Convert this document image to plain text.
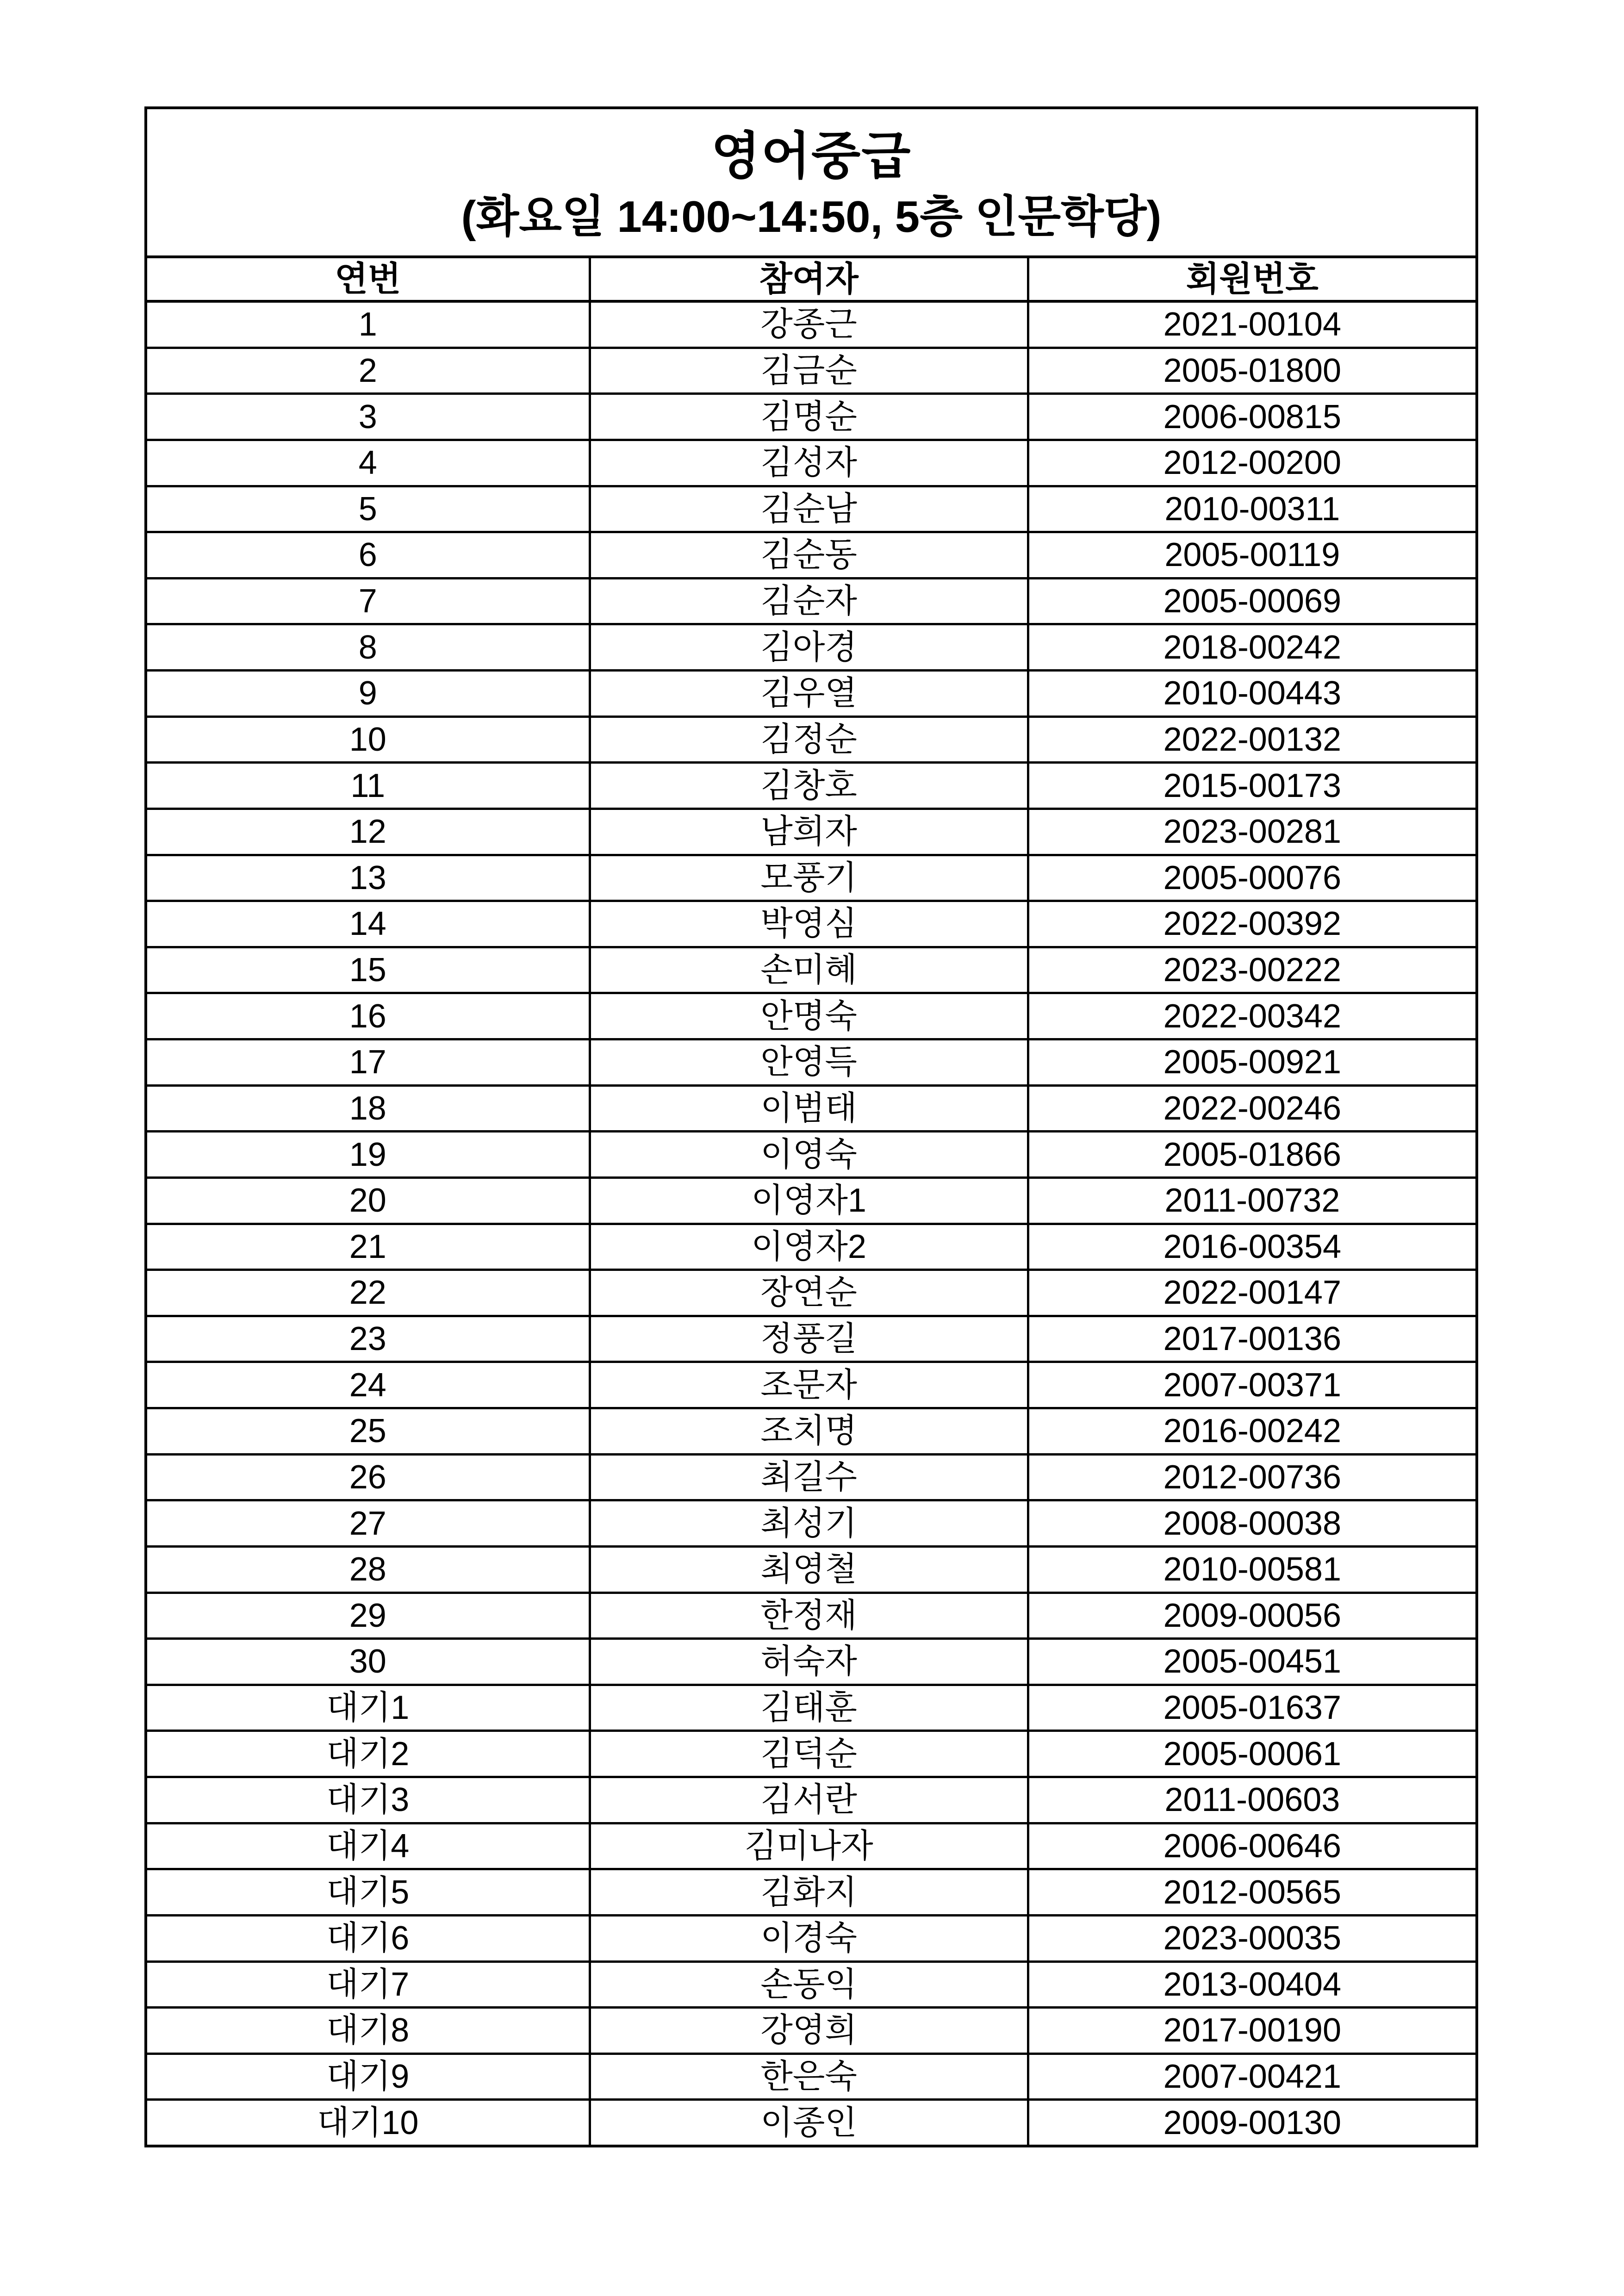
영어중급
(화요일 14:00~14:50, 5층 인문학당)
연번	참여자	회원번호
1	강종근	2021-00104
2	김금순	2005-01800
3	김명순	2006-00815
4	김성자	2012-00200
5	김순남	2010-00311
6	김순동	2005-00119
7	김순자	2005-00069
8	김아경	2018-00242
9	김우열	2010-00443
10	김정순	2022-00132
11	김창호	2015-00173
12	남희자	2023-00281
13	모풍기	2005-00076
14	박영심	2022-00392
15	손미혜	2023-00222
16	안명숙	2022-00342
17	안영득	2005-00921
18	이범태	2022-00246
19	이영숙	2005-01866
20	이영자1	2011-00732
21	이영자2	2016-00354
22	장연순	2022-00147
23	정풍길	2017-00136
24	조문자	2007-00371
25	조치명	2016-00242
26	최길수	2012-00736
27	최성기	2008-00038
28	최영철	2010-00581
29	한정재	2009-00056
30	허숙자	2005-00451
대기1	김태훈	2005-01637
대기2	김덕순	2005-00061
대기3	김서란	2011-00603
대기4	김미나자	2006-00646
대기5	김화지	2012-00565
대기6	이경숙	2023-00035
대기7	손동익	2013-00404
대기8	강영희	2017-00190
대기9	한은숙	2007-00421
대기10	이종인	2009-00130
